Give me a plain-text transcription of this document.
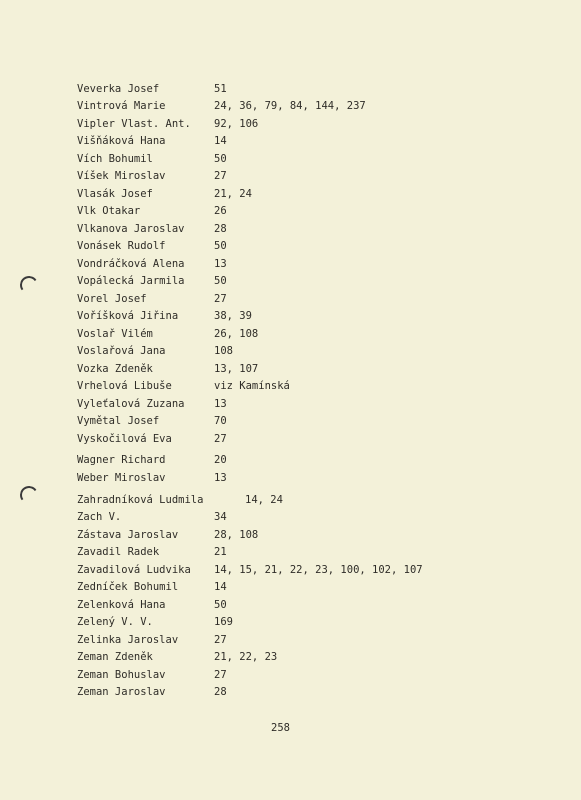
Veverka Josef	51
Vintrová Marie	24, 36, 79, 84, 144, 237
Vipler Vlast. Ant. 92, 106
Višňáková Hana	14
Vích Bohumil	50
Víšek Miroslav	27
Vlasák Josef	21, 24
Vlk Otakar	26
Vlkanova Jaroslav	28
Vonásek Rudolf	50
Vondráčková Alena	13
Vopálecká Jarmila	50
Vorel Josef	27
Voříšková Jiřina	38, 39
Voslař Vilém	26, 108
Voslařová Jana	108
Vozka Zdeněk	13, 107
Vrhelová Libuše	viz Kamínská
Vyleťalová Zuzana	13
Vymětal Josef	70
Vyskočilová Eva	27
Wagner Richard	20
Weber Miroslav	13
Zahradníková Ludmila	14, 24
Zach V.	34
Zástava Jaroslav	28, 108
Zavadil Radek	21
Zavadilová Ludvika 14, 15, 21, 22, 23, 100, 102, 107
Zedníček Bohumil	14
Zelenková Hana	50
Zelený V. V.	169
Zelinka Jaroslav	27
Zeman Zdeněk	21, 22, 23
Zeman Bohuslav	27
Zeman Jaroslav	28
258
